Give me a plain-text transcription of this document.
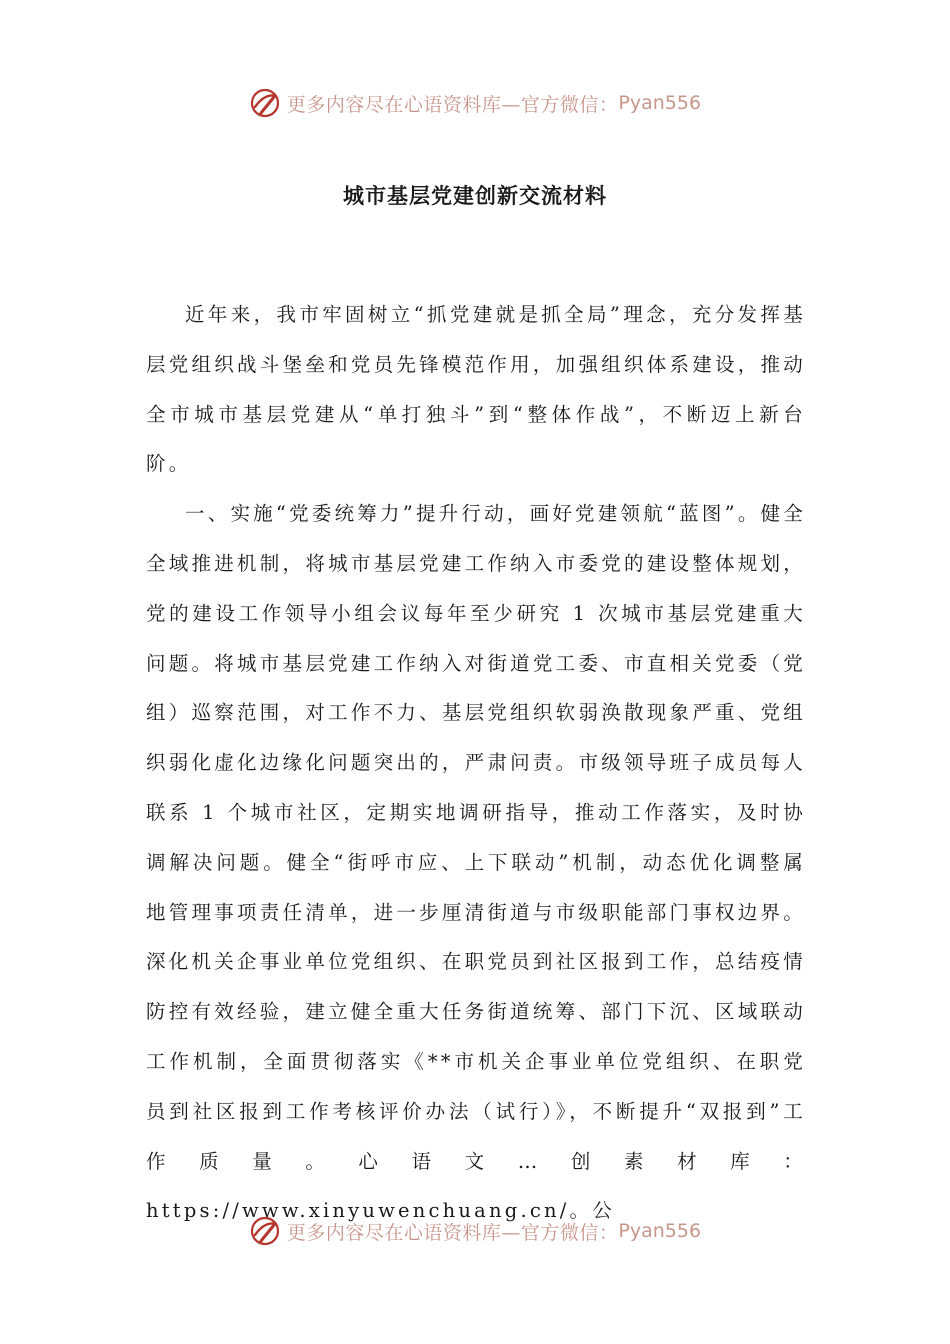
更多内容尽在心语资料库—官方微信： Pyan556
城市基层党建创新交流材料

近年来，我市牢固树立“抓党建就是抓全局”理念，充分发挥基层党组织战斗堡垒和党员先锋模范作用，加强组织体系建设，推动全市城市基层党建从“单打独斗”到“整体作战”，不断迈上新台阶。

一、实施“党委统筹力”提升行动，画好党建领航“蓝图”。健全全域推进机制，将城市基层党建工作纳入市委党的建设整体规划，党的建设工作领导小组会议每年至少研究 1 次城市基层党建重大问题。将城市基层党建工作纳入对街道党工委、市直相关党委（党组）巡察范围，对工作不力、基层党组织软弱涣散现象严重、党组织弱化虚化边缘化问题突出的，严肃问责。市级领导班子成员每人联系 1 个城市社区，定期实地调研指导，推动工作落实，及时协调解决问题。健全“街呼市应、上下联动”机制，动态优化调整属地管理事项责任清单，进一步厘清街道与市级职能部门事权边界。深化机关企事业单位党组织、在职党员到社区报到工作，总结疫情防控有效经验，建立健全重大任务街道统筹、部门下沉、区域联动工作机制，全面贯彻落实《**市机关企事业单位党组织、在职党员到社区报到工作考核评价办法（试行）》，不断提升“双报到”工作质量。心语文…创素材库：https://www.xinyuwenchuang.cn/。公

更多内容尽在心语资料库—官方微信： Pyan556
